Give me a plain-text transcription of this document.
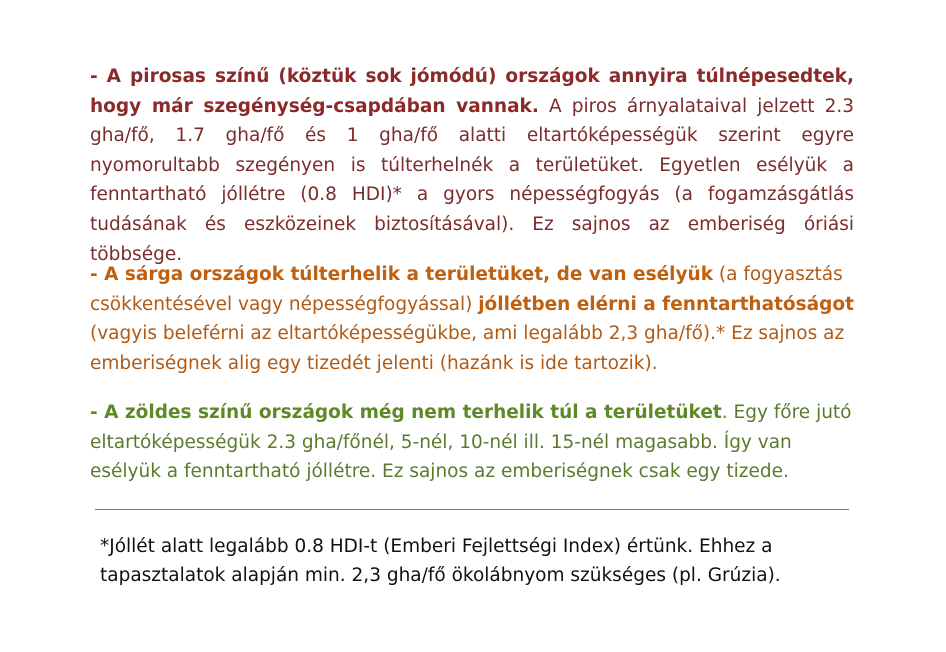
- A pirosas színű (köztük sok jómódú) országok annyira túlnépesedtek, hogy már szegénység-csapdában vannak. A piros árnyalataival jelzett 2.3 gha/fő, 1.7 gha/fő és 1 gha/fő alatti eltartóképességük szerint egyre nyomorultabb szegényen is túlterhelnék a területüket. Egyetlen esélyük a fenntartható jóllétre (0.8 HDI)* a gyors népességfogyás (a fogamzásgátlás tudásának és eszközeinek biztosításával). Ez sajnos az emberiség óriási többsége.

- A sárga országok túlterhelik a területüket, de van esélyük (a fogyasztás csökkentésével vagy népességfogyással) jóllétben elérni a fenntarthatóságot (vagyis beleférni az eltartóképességükbe, ami legalább 2,3 gha/fő).* Ez sajnos az emberiségnek alig egy tizedét jelenti (hazánk is ide tartozik).

- A zöldes színű országok még nem terhelik túl a területüket. Egy főre jutó eltartóképességük 2.3 gha/főnél, 5-nél, 10-nél ill. 15-nél magasabb. Így van esélyük a fenntartható jóllétre. Ez sajnos az emberiségnek csak egy tizede.

*Jóllét alatt legalább 0.8 HDI-t (Emberi Fejlettségi Index) értünk. Ehhez a tapasztalatok alapján min. 2,3 gha/fő ökolábnyom szükséges (pl. Grúzia).
